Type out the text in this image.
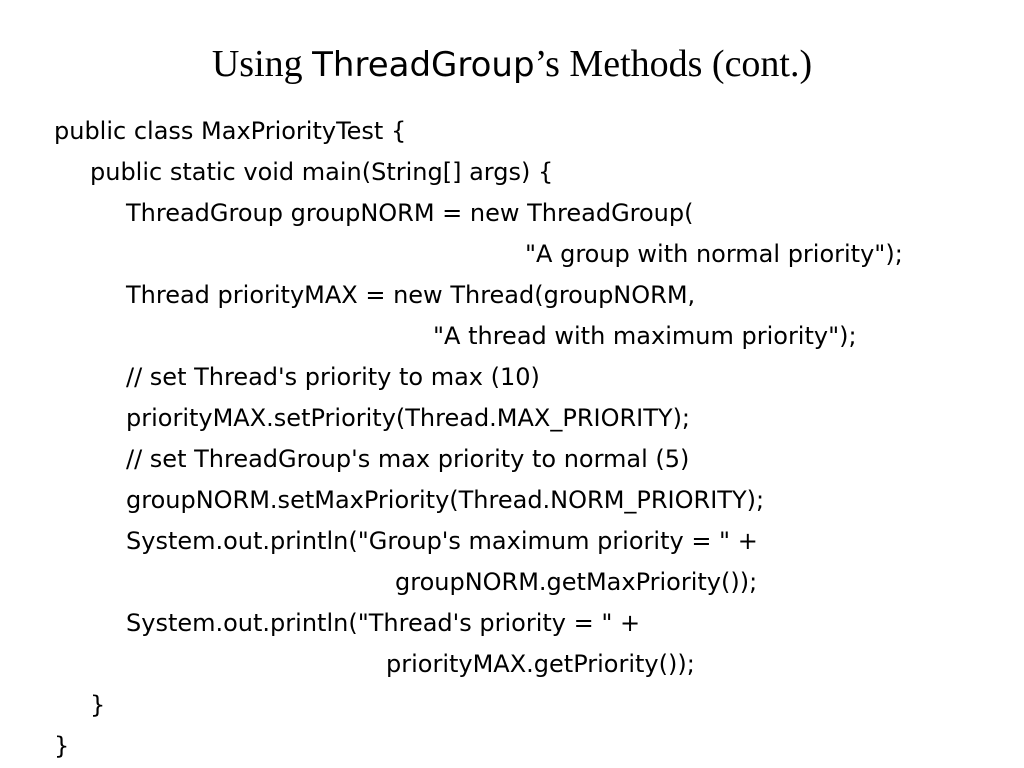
Using ThreadGroup’s Methods (cont.)
public class MaxPriorityTest {
public static void main(String[] args) {
ThreadGroup groupNORM = new ThreadGroup(
"A group with normal priority");
Thread priorityMAX = new Thread(groupNORM,
"A thread with maximum priority");
// set Thread's priority to max (10)
priorityMAX.setPriority(Thread.MAX_PRIORITY);
// set ThreadGroup's max priority to normal (5)
groupNORM.setMaxPriority(Thread.NORM_PRIORITY);
System.out.println("Group's maximum priority = " +
groupNORM.getMaxPriority());
System.out.println("Thread's priority = " +
priorityMAX.getPriority());
}
}
